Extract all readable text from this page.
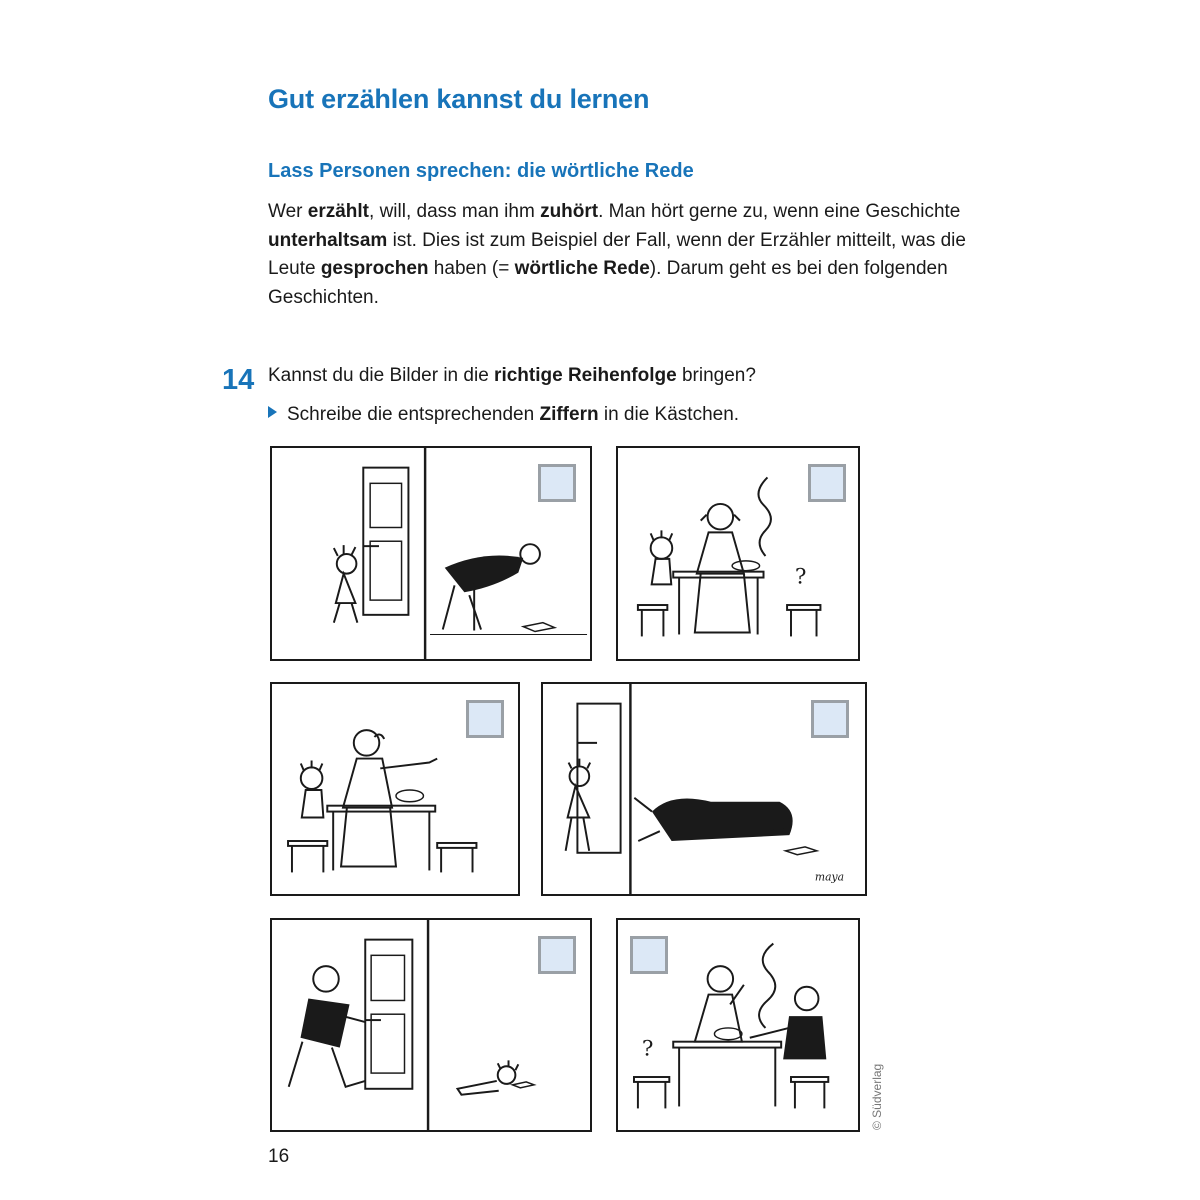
Gut erzählen kannst du lernen
Lass Personen sprechen: die wörtliche Rede
Wer erzählt, will, dass man ihm zuhört. Man hört gerne zu, wenn eine Geschichte unterhaltsam ist. Dies ist zum Beispiel der Fall, wenn der Erzähler mitteilt, was die Leute gesprochen haben (= wörtliche Rede). Darum geht es bei den folgenden Geschichten.
14 Kannst du die Bilder in die richtige Reihenfolge bringen?
Schreibe die entsprechenden Ziffern in die Kästchen.
?
maya
?
© Südverlag
16
